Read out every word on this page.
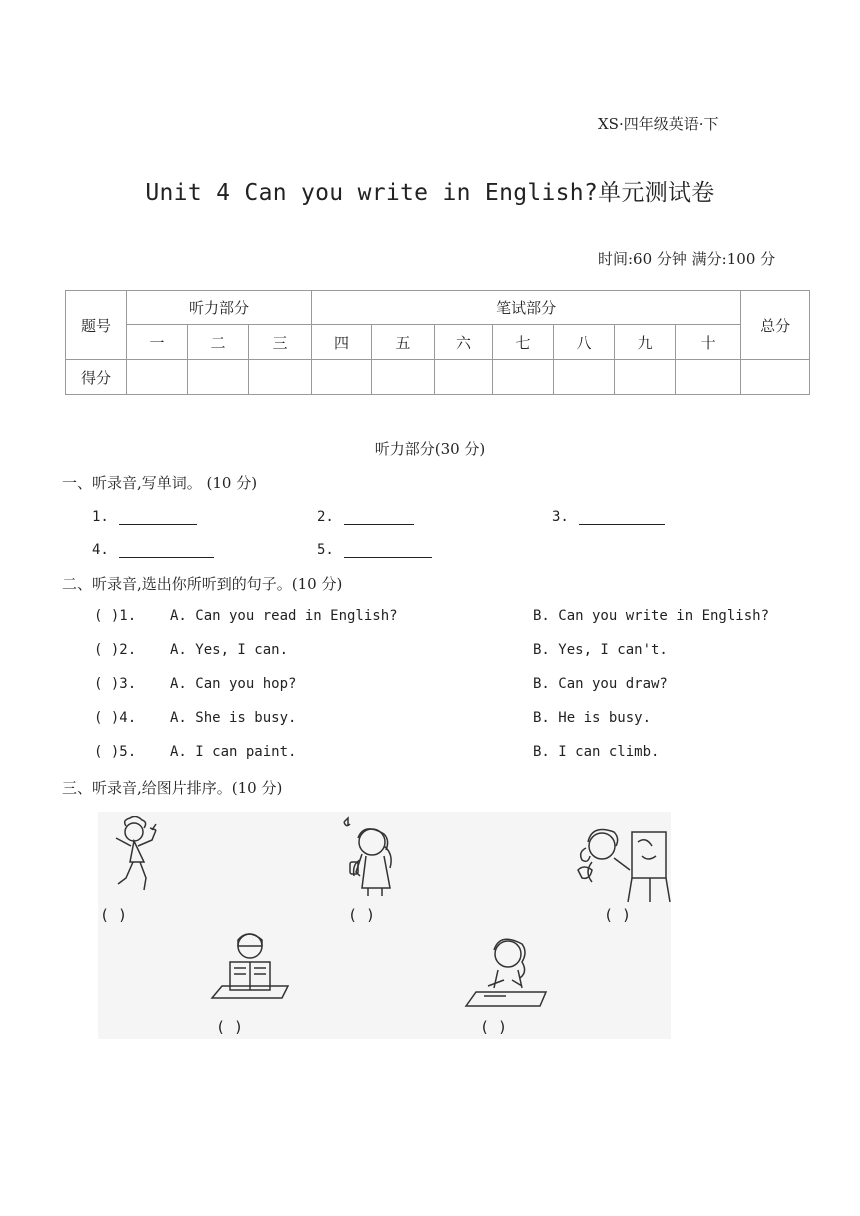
XS·四年级英语·下
Unit 4 Can you write in English?单元测试卷
时间:60 分钟 满分:100 分
题号	听力部分			笔试部分							总分
	一	二	三	四	五	六	七	八	九	十	
得分											
听力部分(30 分)
一、听录音,写单词。 (10 分)
1.	2.	3.
4.	5.
二、听录音,选出你所听到的句子。(10 分)
( )1. A. Can you read in English?	B. Can you write in English?
( )2. A. Yes, I can.	B. Yes, I can't.
( )3. A. Can you hop?	B. Can you draw?
( )4. A. She is busy.	B. He is busy.
( )5. A. I can paint.	B. I can climb.
三、听录音,给图片排序。(10 分)
( )	( )	( )
( )	( )
